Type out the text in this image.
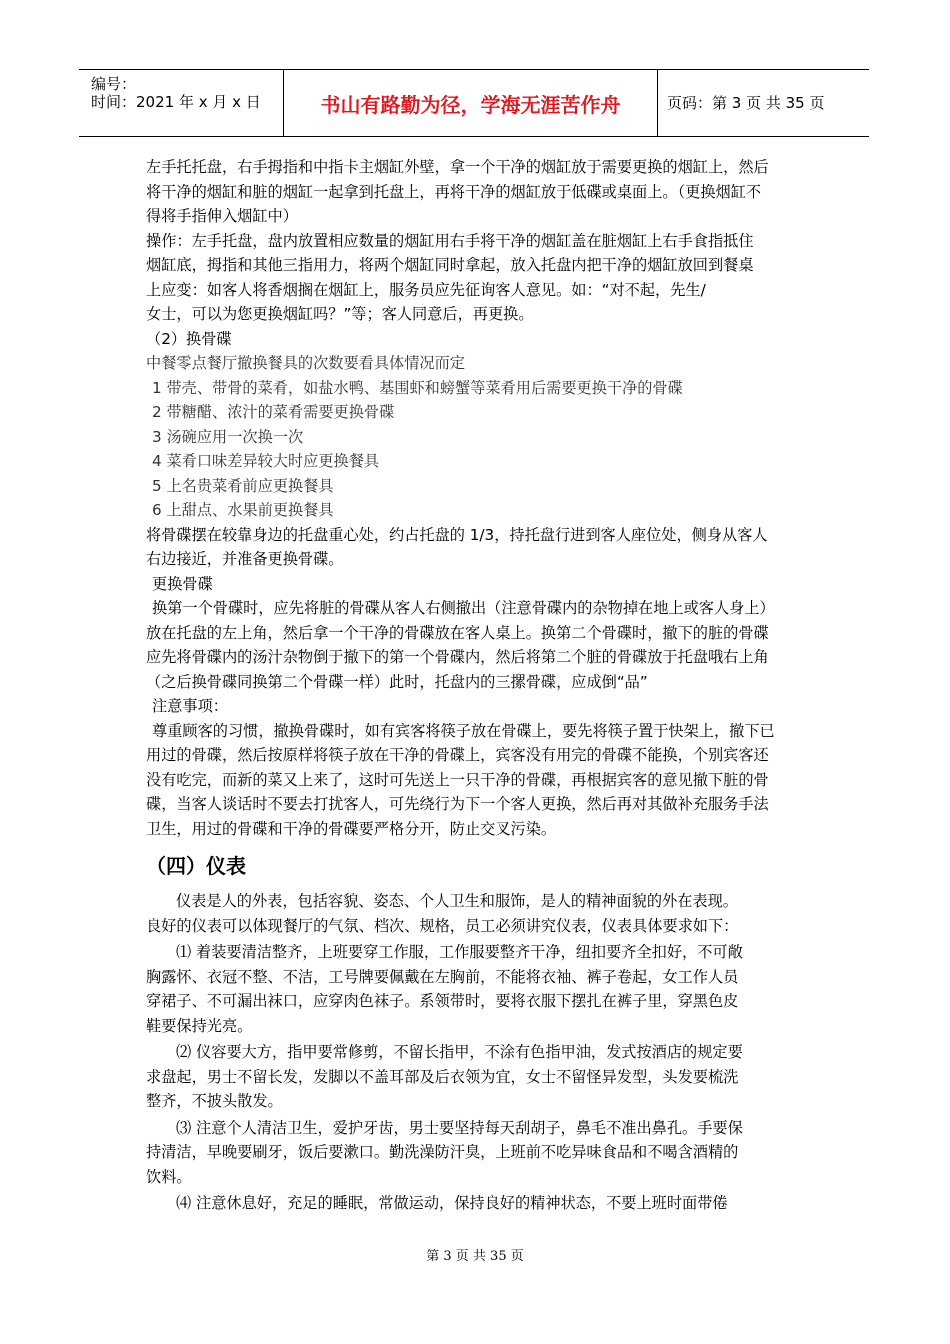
编号：
时间：2021 年 x 月 x 日	书山有路勤为径，学海无涯苦作舟	页码：第 3 页 共 35 页

左手托托盘，右手拇指和中指卡主烟缸外壁，拿一个干净的烟缸放于需要更换的烟缸上，然后

将干净的烟缸和脏的烟缸一起拿到托盘上，再将干净的烟缸放于低碟或桌面上。（更换烟缸不

得将手指伸入烟缸中）

操作：左手托盘，盘内放置相应数量的烟缸用右手将干净的烟缸盖在脏烟缸上右手食指抵住

烟缸底，拇指和其他三指用力，将两个烟缸同时拿起，放入托盘内把干净的烟缸放回到餐桌

上应变：如客人将香烟搁在烟缸上，服务员应先征询客人意见。如：“对不起，先生/

女士，可以为您更换烟缸吗？”等；客人同意后，再更换。

（2）换骨碟

中餐零点餐厅撤换餐具的次数要看具体情况而定

1 带壳、带骨的菜肴，如盐水鸭、基围虾和螃蟹等菜肴用后需要更换干净的骨碟

2 带糖醋、浓汁的菜肴需要更换骨碟

3 汤碗应用一次换一次

4 菜肴口味差异较大时应更换餐具

5 上名贵菜肴前应更换餐具

6 上甜点、水果前更换餐具

将骨碟摆在较靠身边的托盘重心处，约占托盘的 1/3，持托盘行进到客人座位处，侧身从客人

右边接近，并准备更换骨碟。

更换骨碟

换第一个骨碟时，应先将脏的骨碟从客人右侧撤出（注意骨碟内的杂物掉在地上或客人身上）

放在托盘的左上角，然后拿一个干净的骨碟放在客人桌上。换第二个骨碟时，撤下的脏的骨碟

应先将骨碟内的汤汁杂物倒于撤下的第一个骨碟内，然后将第二个脏的骨碟放于托盘哦右上角

（之后换骨碟同换第二个骨碟一样）此时，托盘内的三摞骨碟，应成倒“品”

注意事项：

尊重顾客的习惯，撤换骨碟时，如有宾客将筷子放在骨碟上，要先将筷子置于快架上，撤下已

用过的骨碟，然后按原样将筷子放在干净的骨碟上，宾客没有用完的骨碟不能换，个别宾客还

没有吃完，而新的菜又上来了，这时可先送上一只干净的骨碟，再根据宾客的意见撤下脏的骨

碟，当客人谈话时不要去打扰客人，可先绕行为下一个客人更换，然后再对其做补充服务手法

卫生，用过的骨碟和干净的骨碟要严格分开，防止交叉污染。

（四）仪表

仪表是人的外表，包括容貌、姿态、个人卫生和服饰，是人的精神面貌的外在表现。

良好的仪表可以体现餐厅的气氛、档次、规格，员工必须讲究仪表，仪表具体要求如下：

⑴ 着装要清洁整齐，上班要穿工作服，工作服要整齐干净，纽扣要齐全扣好，不可敞

胸露怀、衣冠不整、不洁，工号牌要佩戴在左胸前，不能将衣袖、裤子卷起，女工作人员

穿裙子、不可漏出袜口，应穿肉色袜子。系领带时，要将衣服下摆扎在裤子里，穿黑色皮

鞋要保持光亮。

⑵ 仪容要大方，指甲要常修剪，不留长指甲，不涂有色指甲油，发式按酒店的规定要

求盘起，男士不留长发，发脚以不盖耳部及后衣领为宜，女士不留怪异发型，头发要梳洗

整齐，不披头散发。

⑶ 注意个人清洁卫生，爱护牙齿，男士要坚持每天刮胡子，鼻毛不准出鼻孔。手要保

持清洁，早晚要刷牙，饭后要漱口。勤洗澡防汗臭，上班前不吃异味食品和不喝含酒精的

饮料。

⑷ 注意休息好，充足的睡眠，常做运动，保持良好的精神状态，不要上班时面带倦

第 3 页 共 35 页
